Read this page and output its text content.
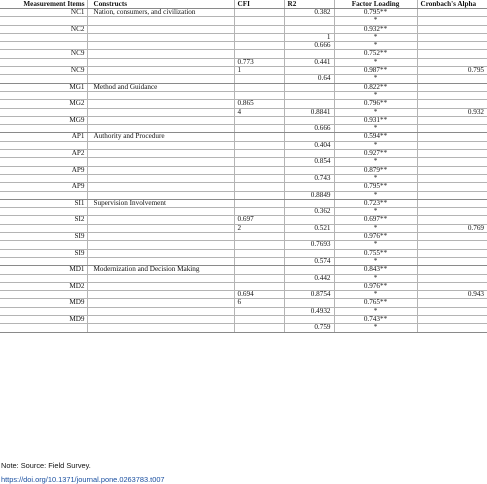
Measurement Items	Constructs	CFI	R2	Factor Loading	Cronbach's Alpha
NC1	Nation, consumers, and civilization		0.382	0.795**	
				*	
NC2				0.932**	
			1	*	
			0.666	*	
NC9				0.752**	
		0.773	0.441	*	
NC9		1		0.987**	0.795
			0.64	*	
MG1	Method and Guidance			0.822**	
				*	
MG2		0.865		0.796**	
		4	0.8841	*	0.932
MG9				0.931**	
			0.666	*	
AP1	Authority and Procedure			0.594**	
			0.404	*	
AP2				0.927**	
			0.854	*	
AP9				0.879**	
			0.743	*	
AP9				0.795**	
			0.8849	*	
SI1	Supervision Involvement			0.723**	
			0.362	*	
SI2		0.697		0.697**	
		2	0.521	*	0.769
SI9				0.976**	
			0.7693	*	
SI9				0.755**	
			0.574	*	
MD1	Modernization and Decision Making			0.843**	
			0.442	*	
MD2				0.976**	
		0.694	0.8754	*	0.943
MD9		6		0.765**	
			0.4932	*	
MD9				0.743**	
			0.759	*	
Note: Source: Field Survey.
https://doi.org/10.1371/journal.pone.0263783.t007
